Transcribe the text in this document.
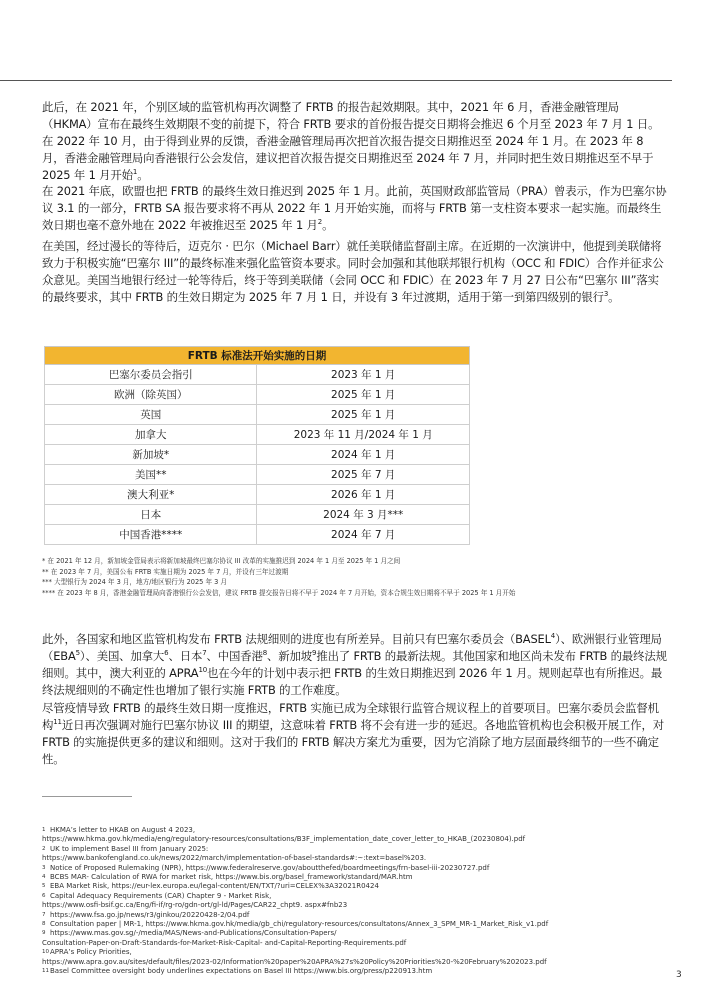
此后，在 2021 年，个别区域的监管机构再次调整了 FRTB 的报告起效期限。其中，2021 年 6 月，香港金融管理局（HKMA）宣布在最终生效期限不变的前提下，符合 FRTB 要求的首份报告提交日期将会推迟 6 个月至 2023 年 7 月 1 日。在 2022 年 10 月，由于得到业界的反馈，香港金融管理局再次把首次报告提交日期推迟至 2024 年 1 月。在 2023 年 8 月，香港金融管理局向香港银行公会发信，建议把首次报告提交日期推迟至 2024 年 7 月，并同时把生效日期推迟至不早于 2025 年 1 月开始$^1$。

在 2021 年底，欧盟也把 FRTB 的最终生效日推迟到 2025 年 1 月。此前，英国财政部监管局（PRA）曾表示，作为巴塞尔协议 3.1 的一部分，FRTB SA 报告要求将不再从 2022 年 1 月开始实施，而将与 FRTB 第一支柱资本要求一起实施。而最终生效日期也毫不意外地在 2022 年被推迟至 2025 年 1 月$^2$。

在美国，经过漫长的等待后，迈克尔 · 巴尔（Michael Barr）就任美联储监督副主席。在近期的一次演讲中，他提到美联储将致力于积极实施“巴塞尔 III”的最终标准来强化监管资本要求。同时会加强和其他联邦银行机构（OCC 和 FDIC）合作并征求公众意见。美国当地银行经过一轮等待后，终于等到美联储（会同 OCC 和 FDIC）在 2023 年 7 月 27 日公布“巴塞尔 III”落实的最终要求，其中 FRTB 的生效日期定为 2025 年 7 月 1 日，并设有 3 年过渡期，适用于第一到第四级别的银行$^3$。

FRTB 标准法开始实施的日期	
巴塞尔委员会指引	2023 年 1 月
欧洲（除英国）	2025 年 1 月
英国	2025 年 1 月
加拿大	2023 年 11 月/2024 年 1 月
新加坡*	2024 年 1 月
美国**	2025 年 7 月
澳大利亚*	2026 年 1 月
日本	2024 年 3 月***
中国香港****	2024 年 7 月
* 在 2021 年 12 月，新加坡金管局表示将新加坡最终巴塞尔协议 III 改革的实施推迟到 2024 年 1 月至 2025 年 1 月之间
** 在 2023 年 7 月，美国公布 FRTB 实施日期为 2025 年 7 月，并设有三年过渡期
*** 大型银行为 2024 年 3 月，地方/地区银行为 2025 年 3 月
**** 在 2023 年 8 月，香港金融管理局向香港银行公会发信，建议 FRTB 提交报告日将不早于 2024 年 7 月开始，资本合规生效日期将不早于 2025 年 1 月开始

此外，各国家和地区监管机构发布 FRTB 法规细则的进度也有所差异。目前只有巴塞尔委员会（BASEL$^4$）、欧洲银行业管理局（EBA$^5$）、美国、加拿大$^6$、日本$^7$、中国香港$^8$、新加坡$^9$推出了 FRTB 的最新法规。其他国家和地区尚未发布 FRTB 的最终法规细则。其中，澳大利亚的 APRA$^{10}$也在今年的计划中表示把 FRTB 的生效日期推迟到 2026 年 1 月。规则起草也有所推迟。最终法规细则的不确定性也增加了银行实施 FRTB 的工作难度。

尽管疫情导致 FRTB 的最终生效日期一度推迟，FRTB 实施已成为全球银行监管合规议程上的首要项目。巴塞尔委员会监督机构$^{11}$近日再次强调对施行巴塞尔协议 III 的期望，这意味着 FRTB 将不会有进一步的延迟。各地监管机构也会积极开展工作，对 FRTB 的实施提供更多的建议和细则。这对于我们的 FRTB 解决方案尤为重要，因为它消除了地方层面最终细节的一些不确定性。

1 HKMA’s letter to HKAB on August 4 2023,
https://www.hkma.gov.hk/media/eng/regulatory-resources/consultations/B3F_implementation_date_cover_letter_to_HKAB_(20230804).pdf
2 UK to implement Basel III from January 2025:
https://www.bankofengland.co.uk/news/2022/march/implementation-of-basel-standards#:~:text=basel%203.
3 Notice of Proposed Rulemaking (NPR), https://www.federalreserve.gov/aboutthefed/boardmeetings/frn-basel-iii-20230727.pdf
4 BCBS MAR- Calculation of RWA for market risk, https://www.bis.org/basel_framework/standard/MAR.htm
5 EBA Market Risk, https://eur-lex.europa.eu/legal-content/EN/TXT/?uri=CELEX%3A32021R0424
6 Capital Adequacy Requirements (CAR) Chapter 9 - Market Risk,
https://www.osfi-bsif.gc.ca/Eng/fi-if/rg-ro/gdn-ort/gl-ld/Pages/CAR22_chpt9. aspx#fnb23
7 https://www.fsa.go.jp/news/r3/ginkou/20220428-2/04.pdf
8 Consultation paper | MR-1, https://www.hkma.gov.hk/media/gb_chi/regulatory-resources/consultatons/Annex_3_SPM_MR-1_Market_Risk_v1.pdf
9 https://www.mas.gov.sg/-/media/MAS/News-and-Publications/Consultation-Papers/
Consultation-Paper-on-Draft-Standards-for-Market-Risk-Capital- and-Capital-Reporting-Requirements.pdf
10APRA’s Policy Priorities,
https://www.apra.gov.au/sites/default/files/2023-02/Information%20paper%20APRA%27s%20Policy%20Priorities%20-%20February%202023.pdf
11Basel Committee oversight body underlines expectations on Basel III https://www.bis.org/press/p220913.htm	3
